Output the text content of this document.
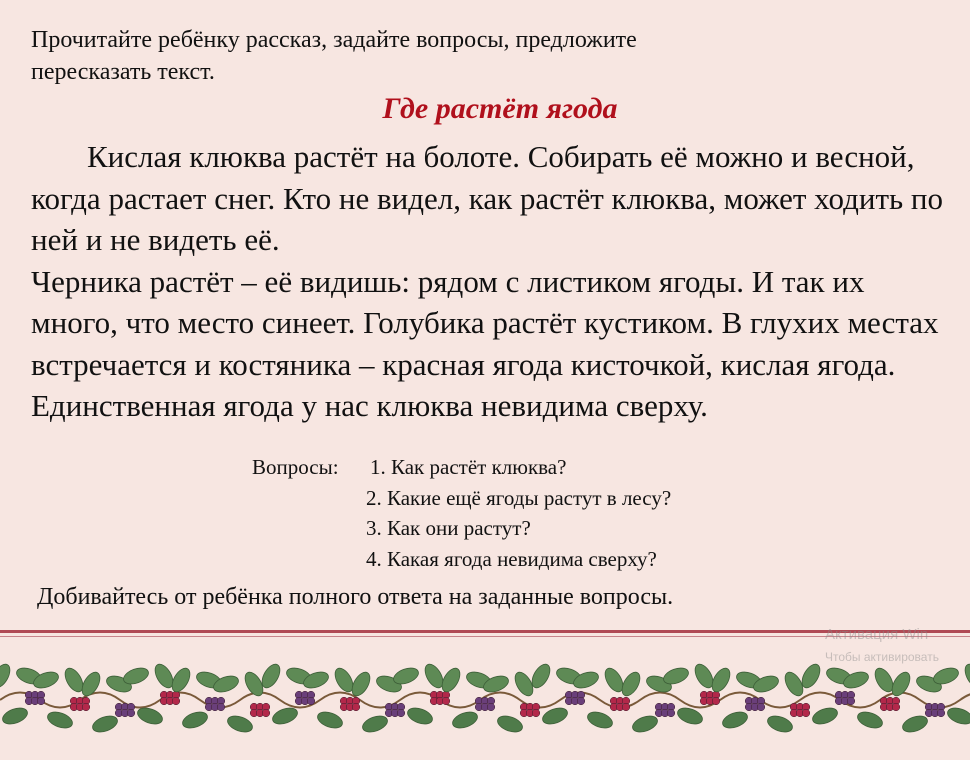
Прочитайте ребёнку рассказ, задайте вопросы, предложите
пересказать текст.
Где растёт ягода

Кислая клюква растёт на болоте. Собирать её можно и весной, когда растает снег. Кто не видел, как растёт клюква, может ходить по ней и не видеть её.

Черника растёт – её видишь: рядом с листиком ягоды. И так их много, что место синеет. Голубика растёт кустиком. В глухих местах встречается и костяника – красная ягода кисточкой, кислая ягода. Единственная ягода у нас клюква невидима сверху.

Вопросы:	1. Как растёт клюква?
2. Какие ещё ягоды растут в лесу?
3. Как они растут?
4. Какая ягода невидима сверху?
Добивайтесь от ребёнка полного ответа на заданные вопросы.
Активация Win
Чтобы активировать
